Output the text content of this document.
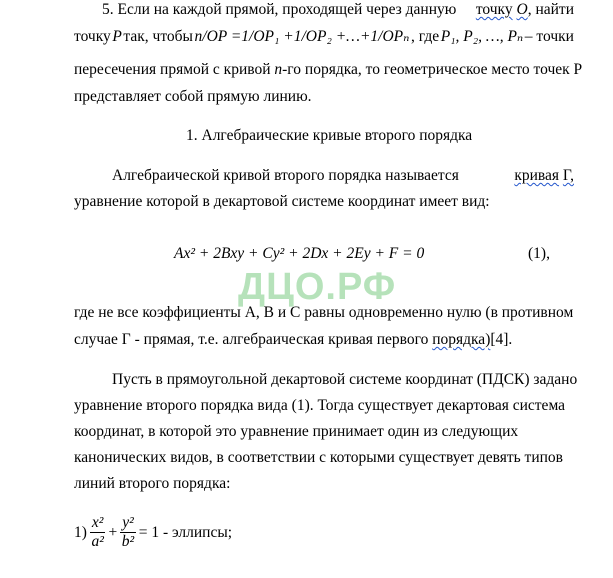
5. Если на каждой прямой, проходящей через данную точку O, найти
точку P так, чтобы n/OP =1/OP₁ +1/OP₂ +…+1/OPₙ , где P₁, P₂, …, Pₙ – точки
пересечения прямой с кривой n-го порядка, то геометрическое место точек P
представляет собой прямую линию.
1. Алгебраические кривые второго порядка
Алгебраической кривой второго порядка называется	кривая Г,
уравнение которой в декартовой системе координат имеет вид:
Ax² + 2Bxy + Cy² + 2Dx + 2Ey + F = 0	(1),
ДЦО.РФ
где не все коэффициенты A, B и C равны одновременно нулю (в противном
случае Г - прямая, т.е. алгебраическая кривая первого порядка)[4].
Пусть в прямоугольной декартовой системе координат (ПДСК) задано
уравнение второго порядка вида (1). Тогда существует декартовая система
координат, в которой это уравнение принимает один из следующих
канонических видов, в соответствии с которыми существует девять типов
линий второго порядка:
$1) \frac{\text{x²}}{\text{a²}} + \frac{\text{y²}}{\text{b²}} = 1$ - эллипсы;
